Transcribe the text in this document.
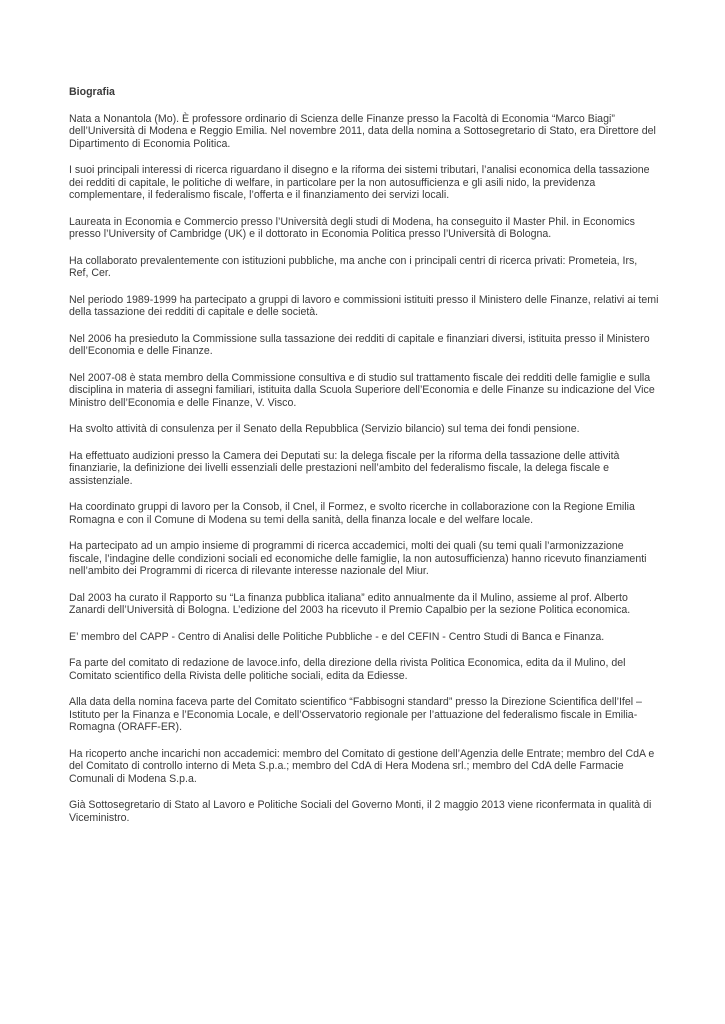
Biografia

Nata a Nonantola (Mo). È professore ordinario di Scienza delle Finanze presso la Facoltà di Economia “Marco Biagi” dell’Università di Modena e Reggio Emilia. Nel novembre 2011, data della nomina a Sottosegretario di Stato, era Direttore del Dipartimento di Economia Politica.

I suoi principali interessi di ricerca riguardano il disegno e la riforma dei sistemi tributari, l’analisi economica della tassazione dei redditi di capitale, le politiche di welfare, in particolare per la non autosufficienza e gli asili nido, la previdenza complementare, il federalismo fiscale, l’offerta e il finanziamento dei servizi locali.

Laureata in Economia e Commercio presso l’Università degli studi di Modena, ha conseguito il Master Phil. in Economics presso l’University of Cambridge (UK) e il dottorato in Economia Politica presso l’Università di Bologna.

Ha collaborato prevalentemente con istituzioni pubbliche, ma anche con i principali centri di ricerca privati: Prometeia, Irs, Ref, Cer.

Nel periodo 1989-1999 ha partecipato a gruppi di lavoro e commissioni istituiti presso il Ministero delle Finanze, relativi ai temi della tassazione dei redditi di capitale e delle società.

Nel 2006 ha presieduto la Commissione sulla tassazione dei redditi di capitale e finanziari diversi, istituita presso il Ministero dell’Economia e delle Finanze.

Nel 2007-08 è stata membro della Commissione consultiva e di studio sul trattamento fiscale dei redditi delle famiglie e sulla disciplina in materia di assegni familiari, istituita dalla Scuola Superiore dell’Economia e delle Finanze su indicazione del Vice Ministro dell’Economia e delle Finanze, V. Visco.

Ha svolto attività di consulenza per il Senato della Repubblica (Servizio bilancio) sul tema dei fondi pensione.

Ha effettuato audizioni presso la Camera dei Deputati su: la delega fiscale per la riforma della tassazione delle attività finanziarie, la definizione dei livelli essenziali delle prestazioni nell’ambito del federalismo fiscale, la delega fiscale e assistenziale.

Ha coordinato gruppi di lavoro per la Consob, il Cnel, il Formez, e svolto ricerche in collaborazione con la Regione Emilia Romagna e con il Comune di Modena su temi della sanità, della finanza locale e del welfare locale.

Ha partecipato ad un ampio insieme di programmi di ricerca accademici, molti dei quali (su temi quali l’armonizzazione fiscale, l’indagine delle condizioni sociali ed economiche delle famiglie, la non autosufficienza) hanno ricevuto finanziamenti nell’ambito dei Programmi di ricerca di rilevante interesse nazionale del Miur.

Dal 2003 ha curato il Rapporto su “La finanza pubblica italiana” edito annualmente da il Mulino, assieme al prof. Alberto Zanardi dell’Università di Bologna. L’edizione del 2003 ha ricevuto il Premio Capalbio per la sezione Politica economica.

E’ membro del CAPP - Centro di Analisi delle Politiche Pubbliche - e del CEFIN - Centro Studi di Banca e Finanza.

Fa parte del comitato di redazione de lavoce.info, della direzione della rivista Politica Economica, edita da il Mulino, del Comitato scientifico della Rivista delle politiche sociali, edita da Ediesse.

Alla data della nomina faceva parte del Comitato scientifico “Fabbisogni standard” presso la Direzione Scientifica dell’Ifel – Istituto per la Finanza e l’Economia Locale, e dell’Osservatorio regionale per l’attuazione del federalismo fiscale in Emilia-Romagna (ORAFF-ER).

Ha ricoperto anche incarichi non accademici: membro del Comitato di gestione dell’Agenzia delle Entrate; membro del CdA e del Comitato di controllo interno di Meta S.p.a.; membro del CdA di Hera Modena srl.; membro del CdA delle Farmacie Comunali di Modena S.p.a.

Già Sottosegretario di Stato al Lavoro e Politiche Sociali del Governo Monti, il 2 maggio 2013 viene riconfermata in qualità di Viceministro.
